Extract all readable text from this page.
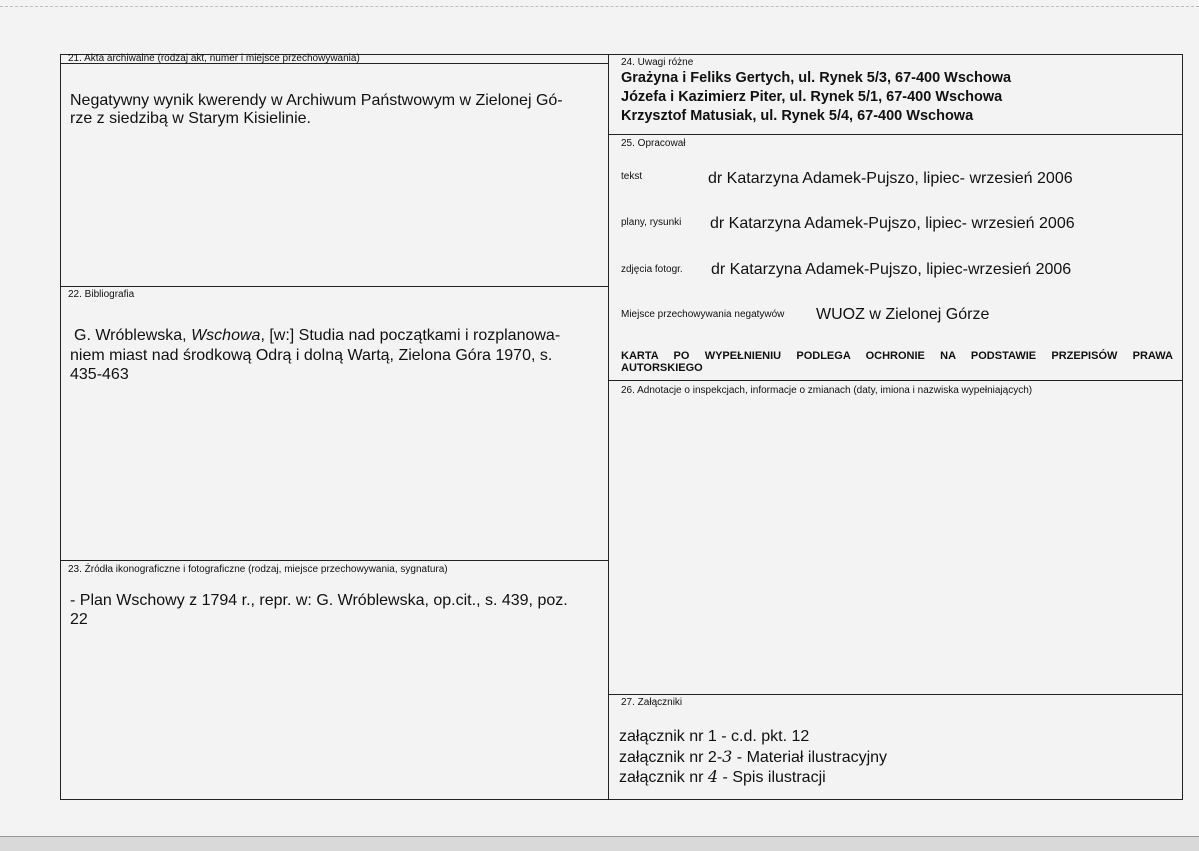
21. Akta archiwalne (rodzaj akt, numer i miejsce przechowywania)
Negatywny wynik kwerendy w Archiwum Państwowym w Zielonej Gó-
rze z siedzibą w Starym Kisielinie.
22. Bibliografia
G. Wróblewska, Wschowa, [w:] Studia nad początkami i rozplanowa-
niem miast nad środkową Odrą i dolną Wartą, Zielona Góra 1970, s.
435-463
23. Źródła ikonograficzne i fotograficzne (rodzaj, miejsce przechowywania, sygnatura)
- Plan Wschowy z 1794 r., repr. w: G. Wróblewska, op.cit., s. 439, poz.
22
24. Uwagi różne
Grażyna i Feliks Gertych, ul. Rynek 5/3, 67-400 Wschowa
Józefa i Kazimierz Piter, ul. Rynek 5/1, 67-400 Wschowa
Krzysztof Matusiak, ul. Rynek 5/4, 67-400 Wschowa
25. Opracował
tekst	dr Katarzyna Adamek-Pujszo, lipiec- wrzesień 2006
plany, rysunki dr Katarzyna Adamek-Pujszo, lipiec- wrzesień 2006
zdjęcia fotogr. dr Katarzyna Adamek-Pujszo, lipiec-wrzesień 2006
Miejsce przechowywania negatywów WUOZ w Zielonej Górze
KARTA PO WYPEŁNIENIU PODLEGA OCHRONIE NA PODSTAWIE PRZEPISÓW PRAWA
AUTORSKIEGO
26. Adnotacje o inspekcjach, informacje o zmianach (daty, imiona i nazwiska wypełniających)
27. Załączniki
załącznik nr 1 - c.d. pkt. 12
załącznik nr 2-3 - Materiał ilustracyjny
załącznik nr 4 - Spis ilustracji
